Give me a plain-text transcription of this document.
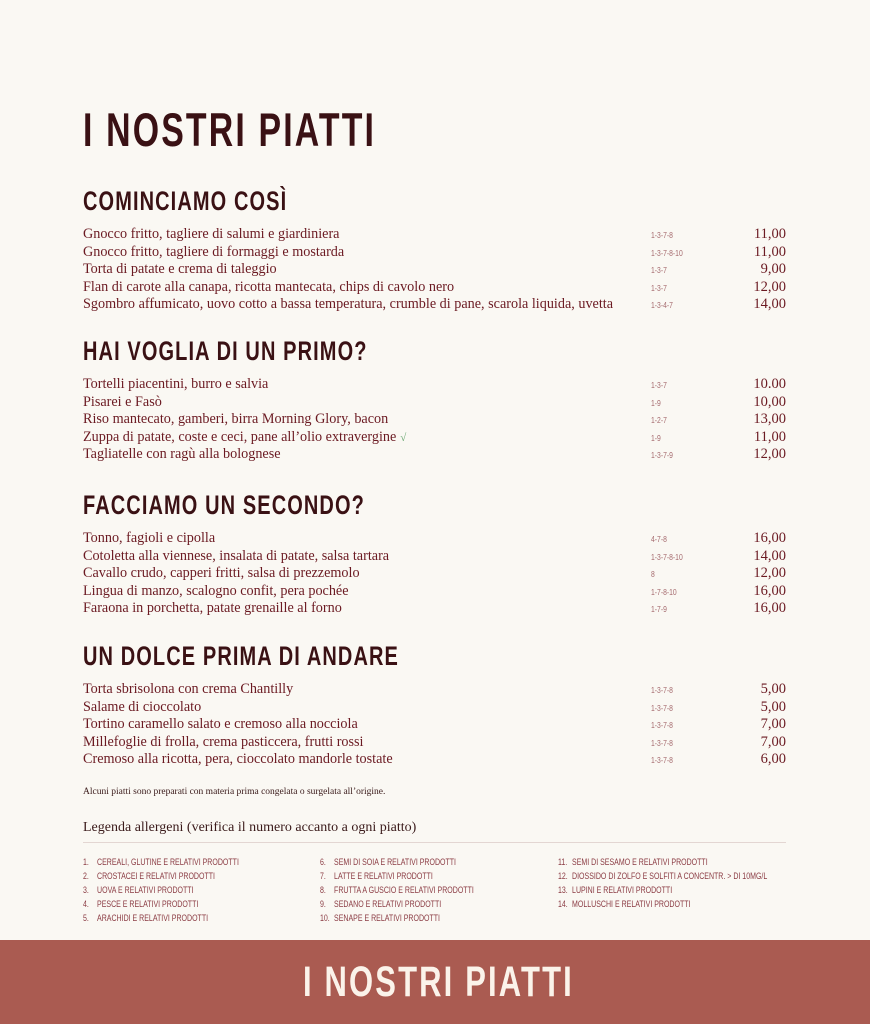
I NOSTRI PIATTI
COMINCIAMO COSÌ
Gnocco fritto, tagliere di salumi e giardiniera	1-3-7-8	11,00
Gnocco fritto, tagliere di formaggi e mostarda	1-3-7-8-10	11,00
Torta di patate e crema di taleggio	1-3-7	9,00
Flan di carote alla canapa, ricotta mantecata, chips di cavolo nero	1-3-7	12,00
Sgombro affumicato, uovo cotto a bassa temperatura, crumble di pane, scarola liquida, uvetta	1-3-4-7	14,00
HAI VOGLIA DI UN PRIMO?
Tortelli piacentini, burro e salvia	1-3-7	10.00
Pisarei e Fasò	1-9	10,00
Riso mantecato, gamberi, birra Morning Glory, bacon	1-2-7	13,00
Zuppa di patate, coste e ceci, pane all’olio extravergine √	1-9	11,00
Tagliatelle con ragù alla bolognese	1-3-7-9	12,00
FACCIAMO UN SECONDO?
Tonno, fagioli e cipolla	4-7-8	16,00
Cotoletta alla viennese, insalata di patate, salsa tartara	1-3-7-8-10	14,00
Cavallo crudo, capperi fritti, salsa di prezzemolo	8	12,00
Lingua di manzo, scalogno confit, pera pochée	1-7-8-10	16,00
Faraona in porchetta, patate grenaille al forno	1-7-9	16,00
UN DOLCE PRIMA DI ANDARE
Torta sbrisolona con crema Chantilly	1-3-7-8	5,00
Salame di cioccolato	1-3-7-8	5,00
Tortino caramello salato e cremoso alla nocciola	1-3-7-8	7,00
Millefoglie di frolla, crema pasticcera, frutti rossi	1-3-7-8	7,00
Cremoso alla ricotta, pera, cioccolato mandorle tostate	1-3-7-8	6,00
Alcuni piatti sono preparati con materia prima congelata o surgelata all’origine.
Legenda allergeni (verifica il numero accanto a ogni piatto)
1. CEREALI, GLUTINE E RELATIVI PRODOTTI
2. CROSTACEI E RELATIVI PRODOTTI
3. UOVA E RELATIVI PRODOTTI
4. PESCE E RELATIVI PRODOTTI
5. ARACHIDI E RELATIVI PRODOTTI
6. SEMI DI SOIA E RELATIVI PRODOTTI
7. LATTE E RELATIVI PRODOTTI
8. FRUTTA A GUSCIO E RELATIVI PRODOTTI
9. SEDANO E RELATIVI PRODOTTI
10. SENAPE E RELATIVI PRODOTTI
11. SEMI DI SESAMO E RELATIVI PRODOTTI
12. DIOSSIDO DI ZOLFO E SOLFITI A CONCENTR. > DI 10MG/L
13. LUPINI E RELATIVI PRODOTTI
14. MOLLUSCHI E RELATIVI PRODOTTI
I NOSTRI PIATTI
